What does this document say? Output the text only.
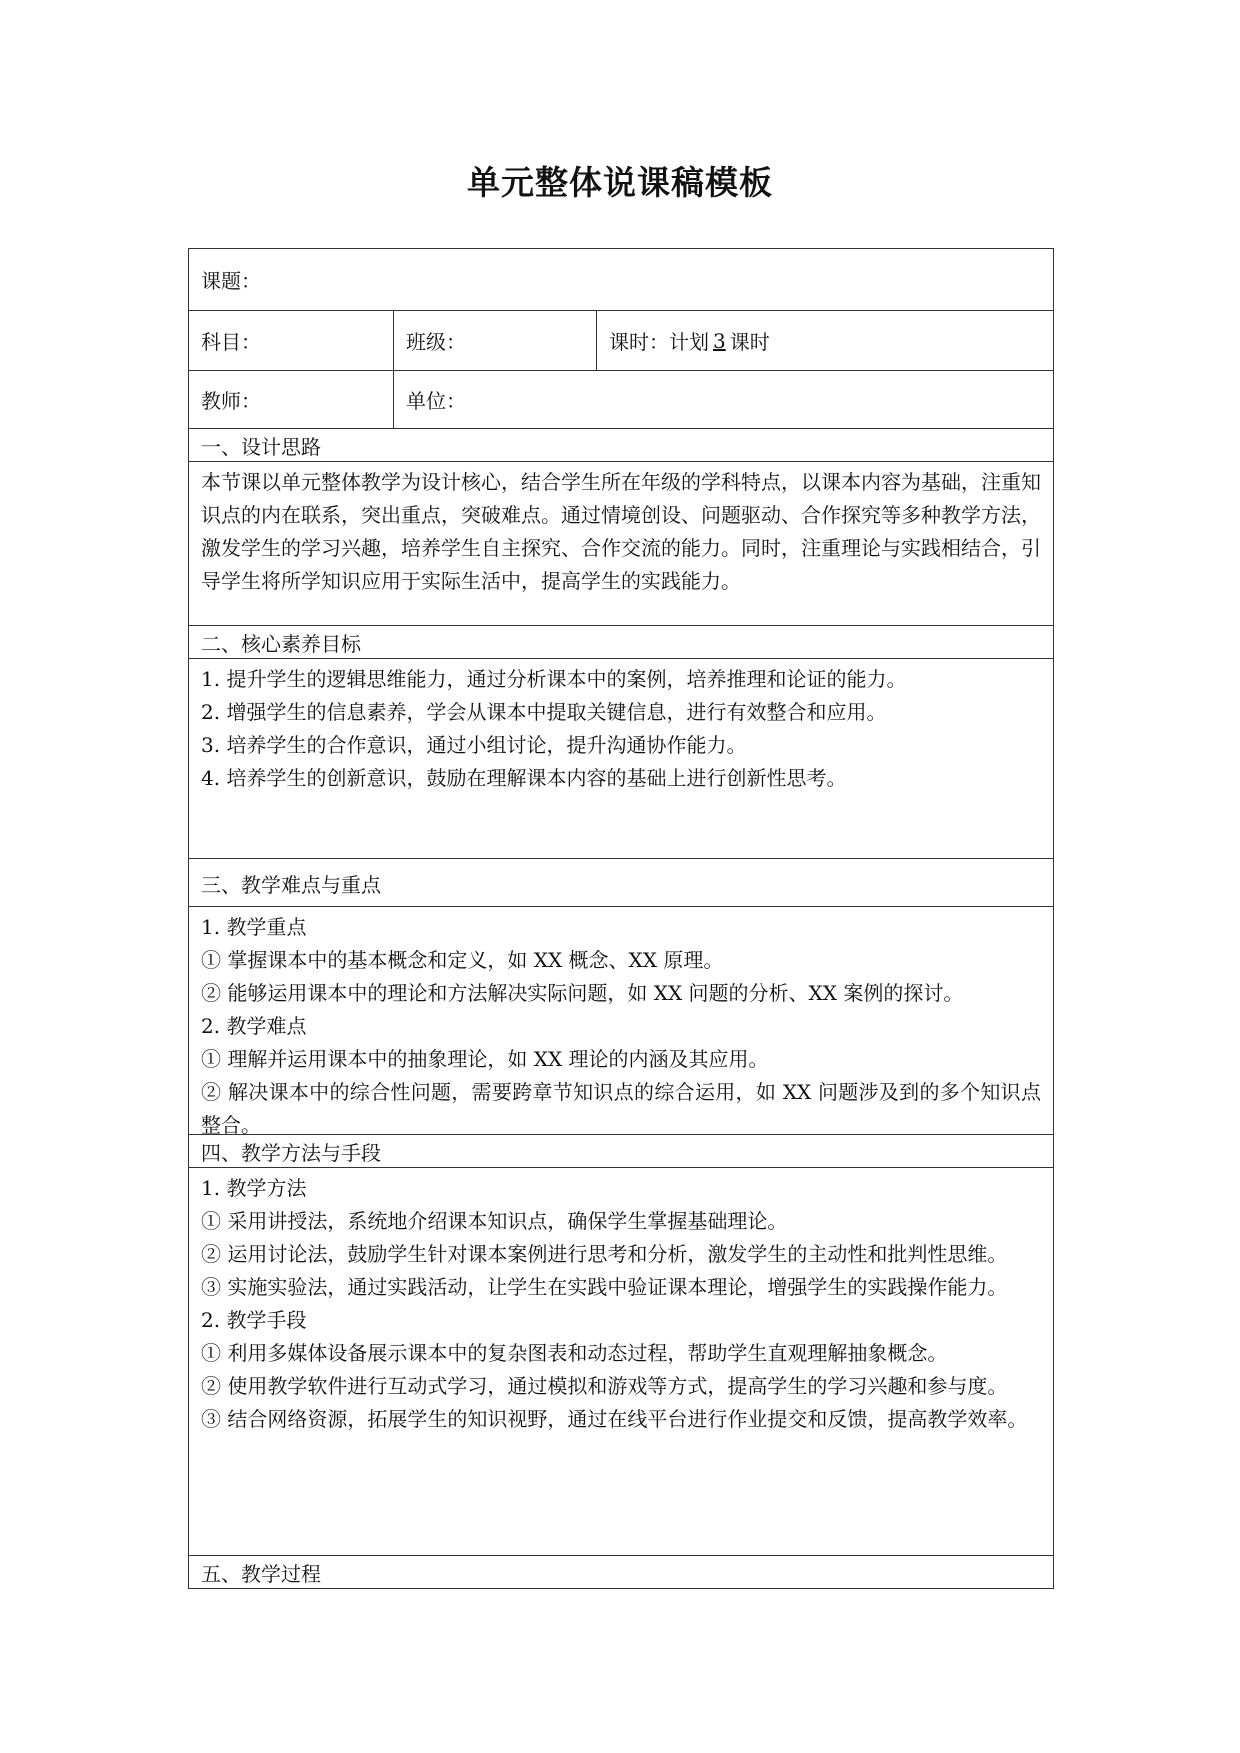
单元整体说课稿模板
课题：
科目：	班级：	课时：计划 3 课时
教师：	单位：
一、设计思路
本节课以单元整体教学为设计核心，结合学生所在年级的学科特点，以课本内容为基础，注重知识点的内在联系，突出重点，突破难点。通过情境创设、问题驱动、合作探究等多种教学方法，激发学生的学习兴趣，培养学生自主探究、合作交流的能力。同时，注重理论与实践相结合，引导学生将所学知识应用于实际生活中，提高学生的实践能力。
二、核心素养目标
1. 提升学生的逻辑思维能力，通过分析课本中的案例，培养推理和论证的能力。
2. 增强学生的信息素养，学会从课本中提取关键信息，进行有效整合和应用。
3. 培养学生的合作意识，通过小组讨论，提升沟通协作能力。
4. 培养学生的创新意识，鼓励在理解课本内容的基础上进行创新性思考。
三、教学难点与重点
1. 教学重点
① 掌握课本中的基本概念和定义，如 XX 概念、XX 原理。
② 能够运用课本中的理论和方法解决实际问题，如 XX 问题的分析、XX 案例的探讨。
2. 教学难点
① 理解并运用课本中的抽象理论，如 XX 理论的内涵及其应用。
② 解决课本中的综合性问题，需要跨章节知识点的综合运用，如 XX 问题涉及到的多个知识点整合。
四、教学方法与手段
1. 教学方法
① 采用讲授法，系统地介绍课本知识点，确保学生掌握基础理论。
② 运用讨论法，鼓励学生针对课本案例进行思考和分析，激发学生的主动性和批判性思维。
③ 实施实验法，通过实践活动，让学生在实践中验证课本理论，增强学生的实践操作能力。
2. 教学手段
① 利用多媒体设备展示课本中的复杂图表和动态过程，帮助学生直观理解抽象概念。
② 使用教学软件进行互动式学习，通过模拟和游戏等方式，提高学生的学习兴趣和参与度。
③ 结合网络资源，拓展学生的知识视野，通过在线平台进行作业提交和反馈，提高教学效率。
五、教学过程
